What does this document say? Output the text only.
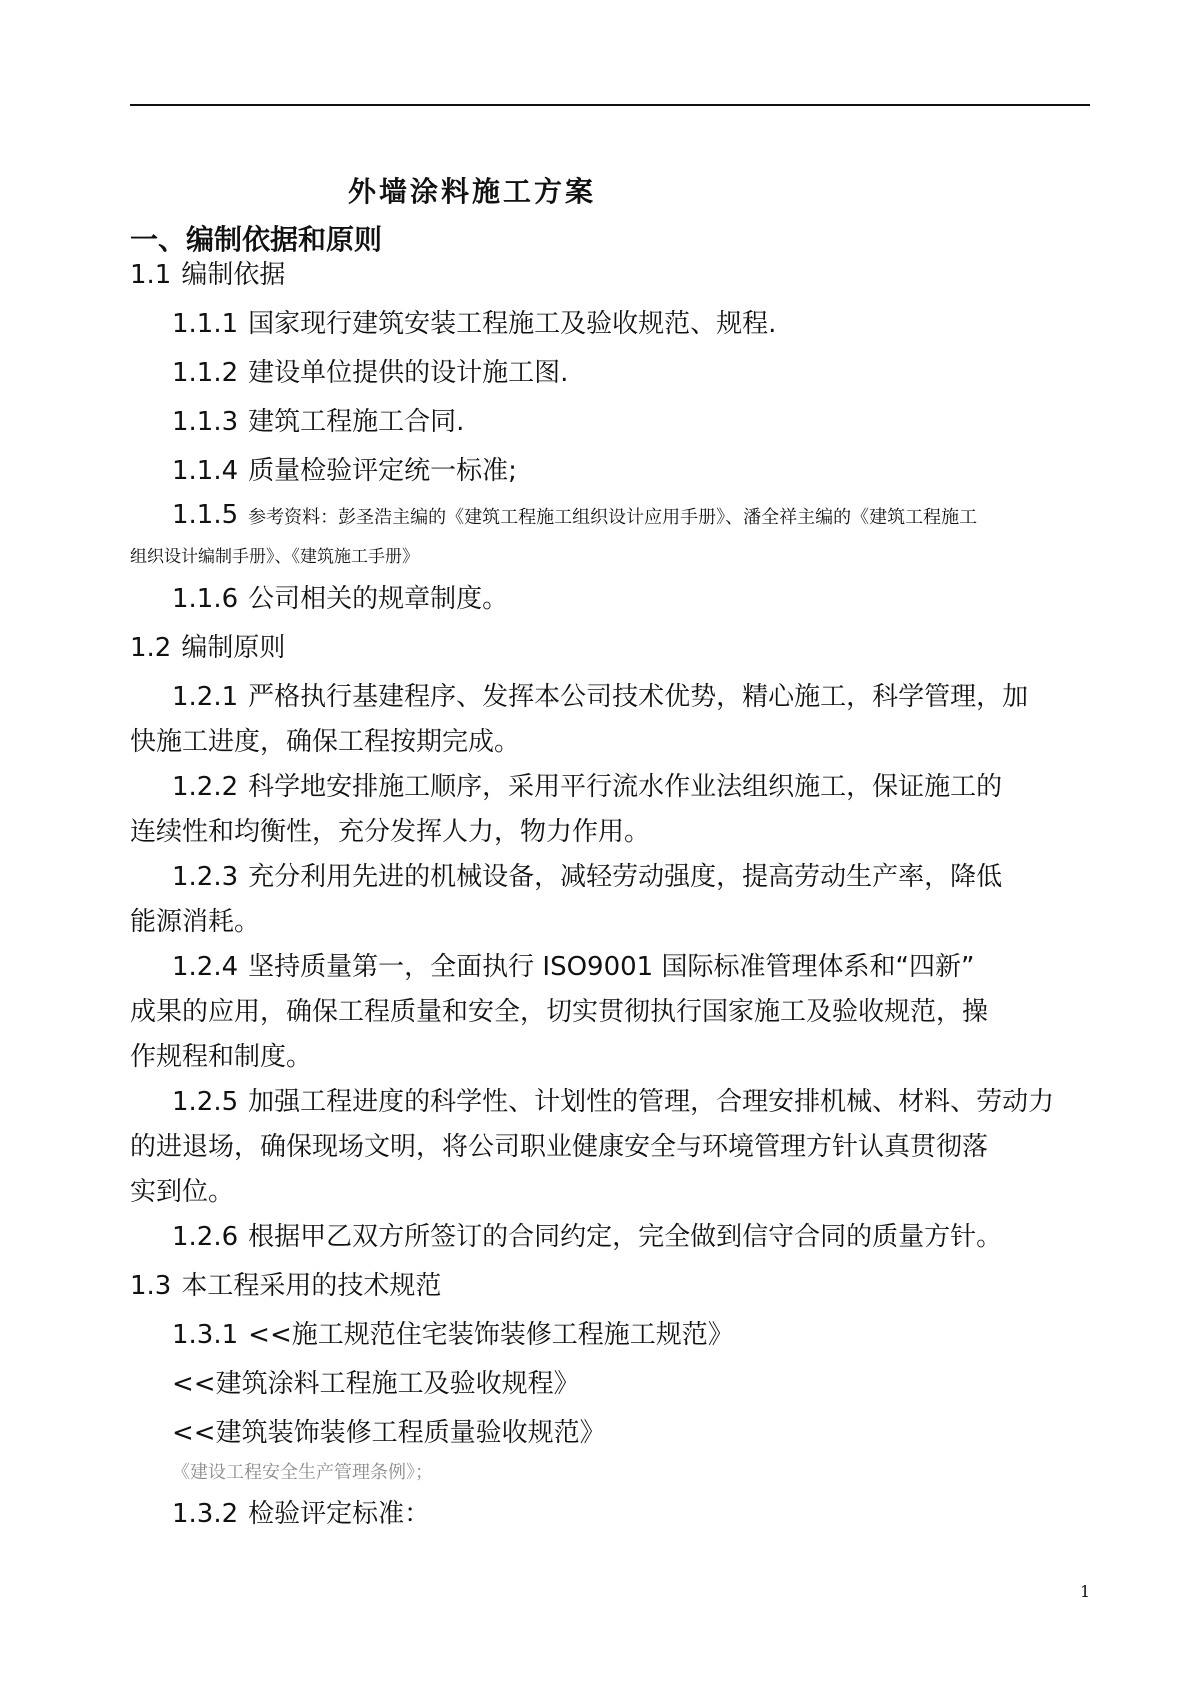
外墙涂料施工方案
一、编制依据和原则
1.1 编制依据
1.1.1 国家现行建筑安装工程施工及验收规范、规程.
1.1.2 建设单位提供的设计施工图.
1.1.3 建筑工程施工合同.
1.1.4 质量检验评定统一标准;
1.1.5 参考资料：彭圣浩主编的《建筑工程施工组织设计应用手册》、潘全祥主编的《建筑工程施工
组织设计编制手册》、《建筑施工手册》
1.1.6 公司相关的规章制度。
1.2 编制原则
1.2.1 严格执行基建程序、发挥本公司技术优势，精心施工，科学管理，加
快施工进度，确保工程按期完成。
1.2.2 科学地安排施工顺序，采用平行流水作业法组织施工，保证施工的
连续性和均衡性，充分发挥人力，物力作用。
1.2.3 充分利用先进的机械设备，减轻劳动强度，提高劳动生产率，降低
能源消耗。
1.2.4 坚持质量第一，全面执行 ISO9001 国际标准管理体系和“四新”
成果的应用，确保工程质量和安全，切实贯彻执行国家施工及验收规范，操
作规程和制度。
1.2.5 加强工程进度的科学性、计划性的管理，合理安排机械、材料、劳动力
的进退场，确保现场文明，将公司职业健康安全与环境管理方针认真贯彻落
实到位。
1.2.6 根据甲乙双方所签订的合同约定，完全做到信守合同的质量方针。
1.3 本工程采用的技术规范
1.3.1 <<施工规范住宅装饰装修工程施工规范》
<<建筑涂料工程施工及验收规程》
<<建筑装饰装修工程质量验收规范》
《建设工程安全生产管理条例》；
1.3.2 检验评定标准：
1
